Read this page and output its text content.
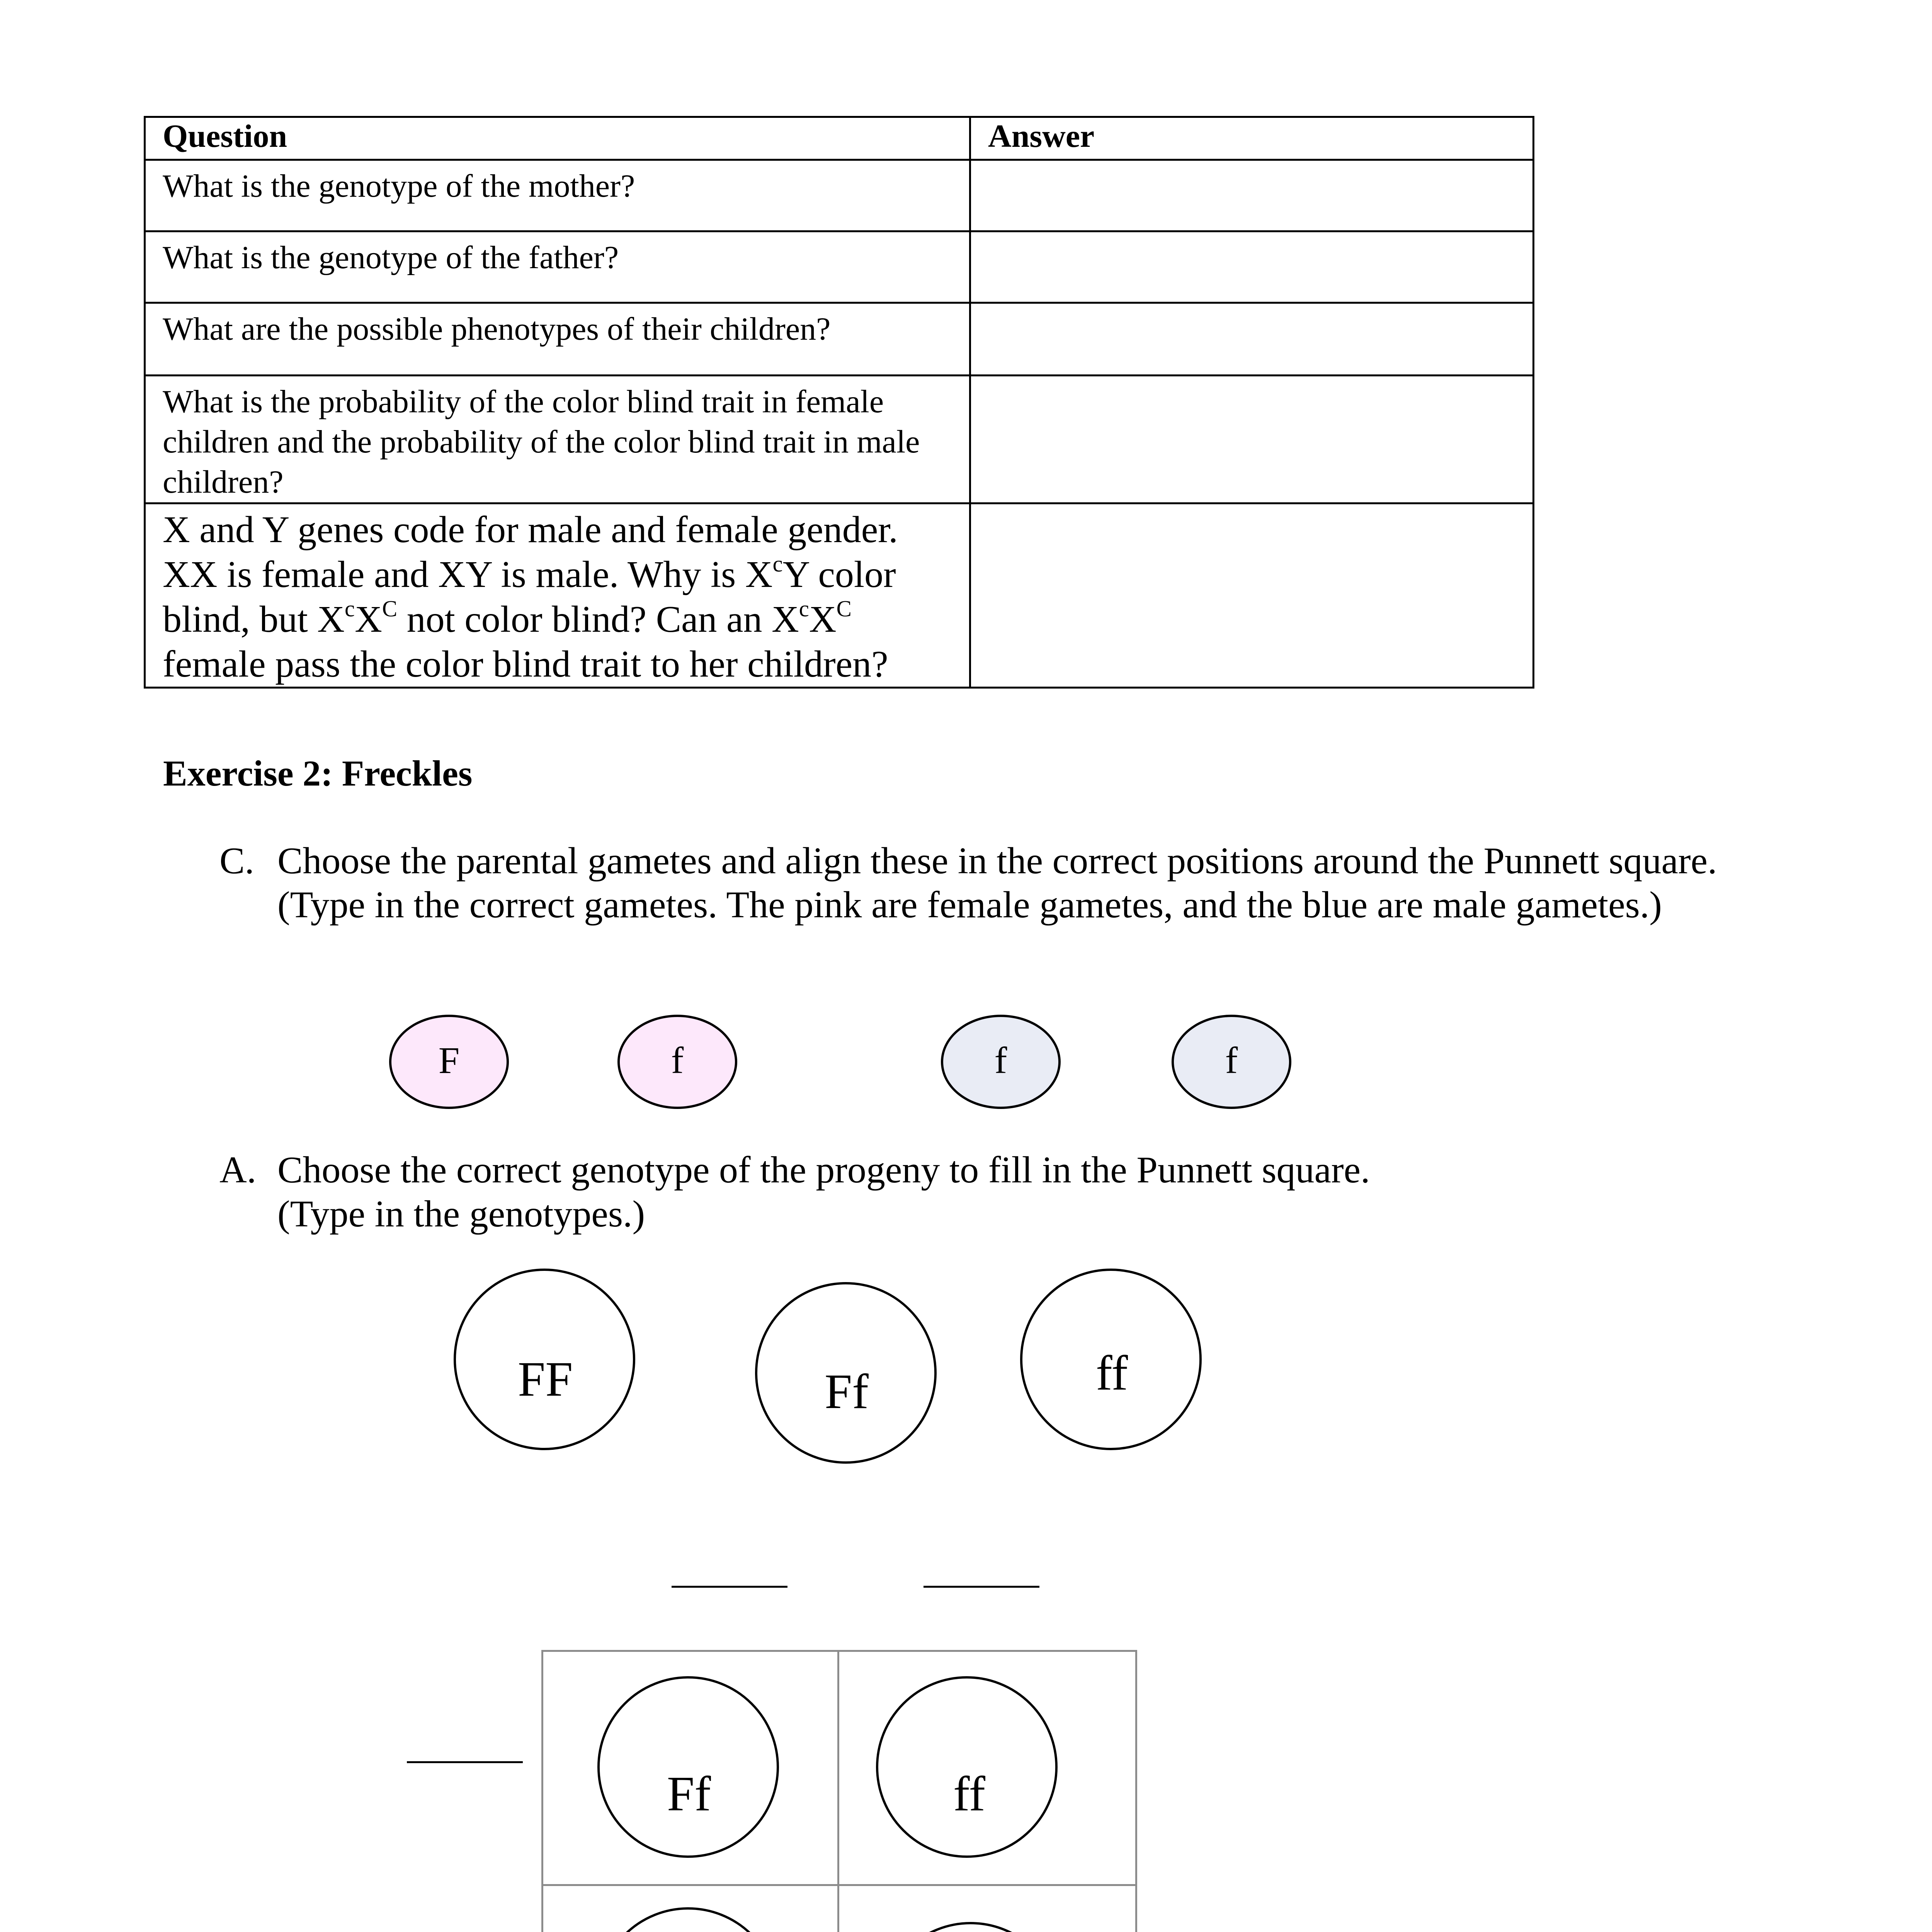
Question	Answer
What is the genotype of the mother?	
What is the genotype of the father?	
What are the possible phenotypes of their children?	
What is the probability of the color blind trait in female children and the probability of the color blind trait in male children?	
X and Y genes code for male and female gender. XX is female and XY is male. Why is $X^cY$ color blind, but $X^cX^C$ not color blind? Can an $X^cX^C$ female pass the color blind trait to her children?	
Exercise 2: Freckles
C. Choose the parental gametes and align these in the correct positions around the Punnett square.
(Type in the correct gametes. The pink are female gametes, and the blue are male gametes.)
F	f	f	f
A. Choose the correct genotype of the progeny to fill in the Punnett square.
(Type in the genotypes.)
FF	Ff	ff
Ff	ff
